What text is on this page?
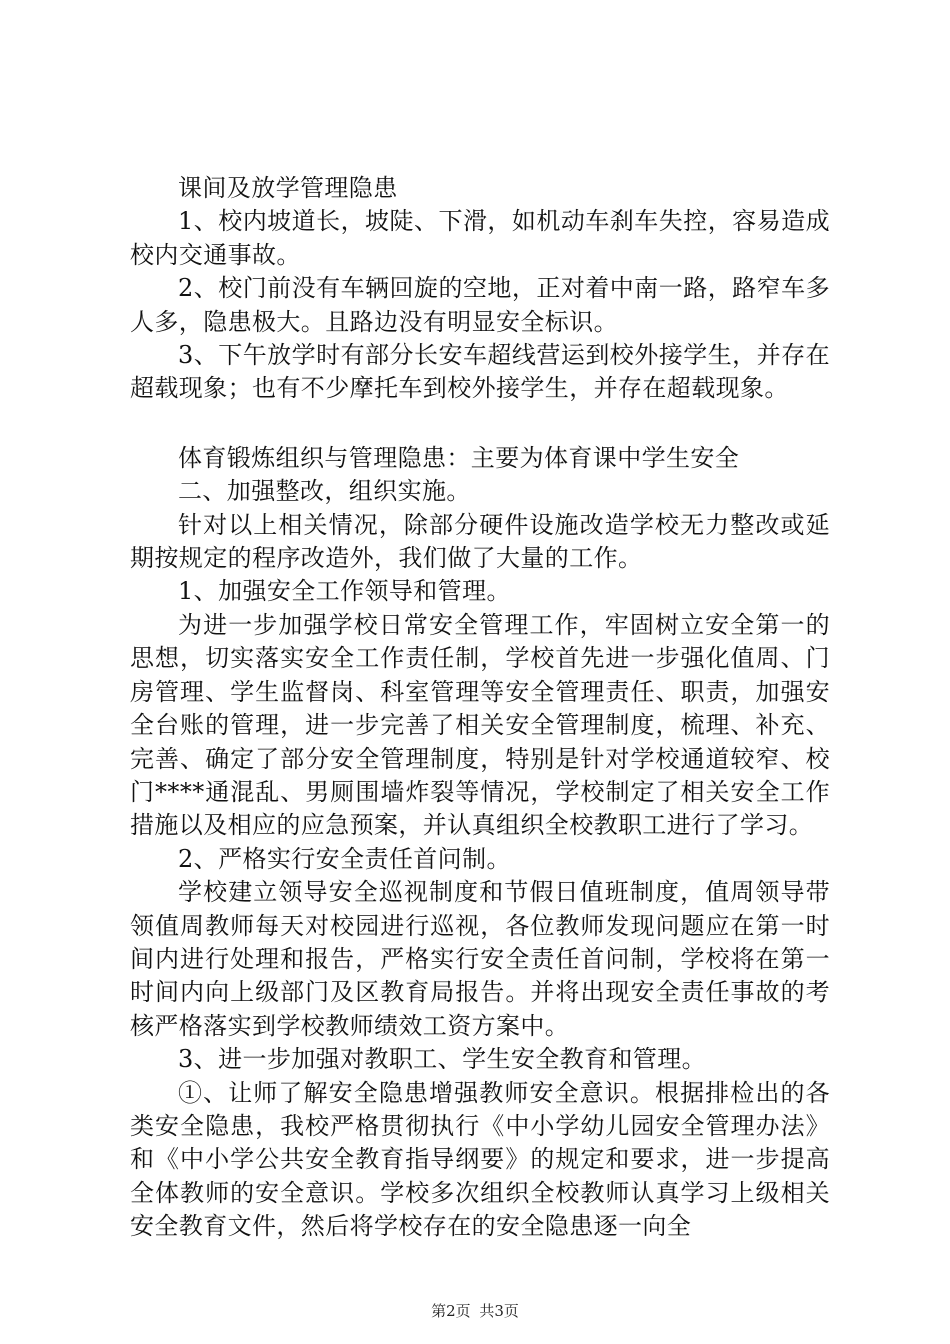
课间及放学管理隐患

1、校内坡道长，坡陡、下滑，如机动车刹车失控，容易造成校内交通事故。

2、校门前没有车辆回旋的空地，正对着中南一路，路窄车多人多，隐患极大。且路边没有明显安全标识。

3、下午放学时有部分长安车超线营运到校外接学生，并存在超载现象；也有不少摩托车到校外接学生，并存在超载现象。

体育锻炼组织与管理隐患：主要为体育课中学生安全

二、加强整改，组织实施。

针对以上相关情况，除部分硬件设施改造学校无力整改或延期按规定的程序改造外，我们做了大量的工作。

1、加强安全工作领导和管理。

为进一步加强学校日常安全管理工作，牢固树立安全第一的思想，切实落实安全工作责任制，学校首先进一步强化值周、门房管理、学生监督岗、科室管理等安全管理责任、职责，加强安全台账的管理，进一步完善了相关安全管理制度，梳理、补充、完善、确定了部分安全管理制度，特别是针对学校通道较窄、校门****通混乱、男厕围墙炸裂等情况，学校制定了相关安全工作措施以及相应的应急预案，并认真组织全校教职工进行了学习。

2、严格实行安全责任首问制。

学校建立领导安全巡视制度和节假日值班制度，值周领导带领值周教师每天对校园进行巡视，各位教师发现问题应在第一时间内进行处理和报告，严格实行安全责任首问制，学校将在第一时间内向上级部门及区教育局报告。并将出现安全责任事故的考核严格落实到学校教师绩效工资方案中。

3、进一步加强对教职工、学生安全教育和管理。

①、让师了解安全隐患增强教师安全意识。根据排检出的各类安全隐患，我校严格贯彻执行《中小学幼儿园安全管理办法》和《中小学公共安全教育指导纲要》的规定和要求，进一步提高全体教师的安全意识。学校多次组织全校教师认真学习上级相关安全教育文件，然后将学校存在的安全隐患逐一向全

第2页 共3页
